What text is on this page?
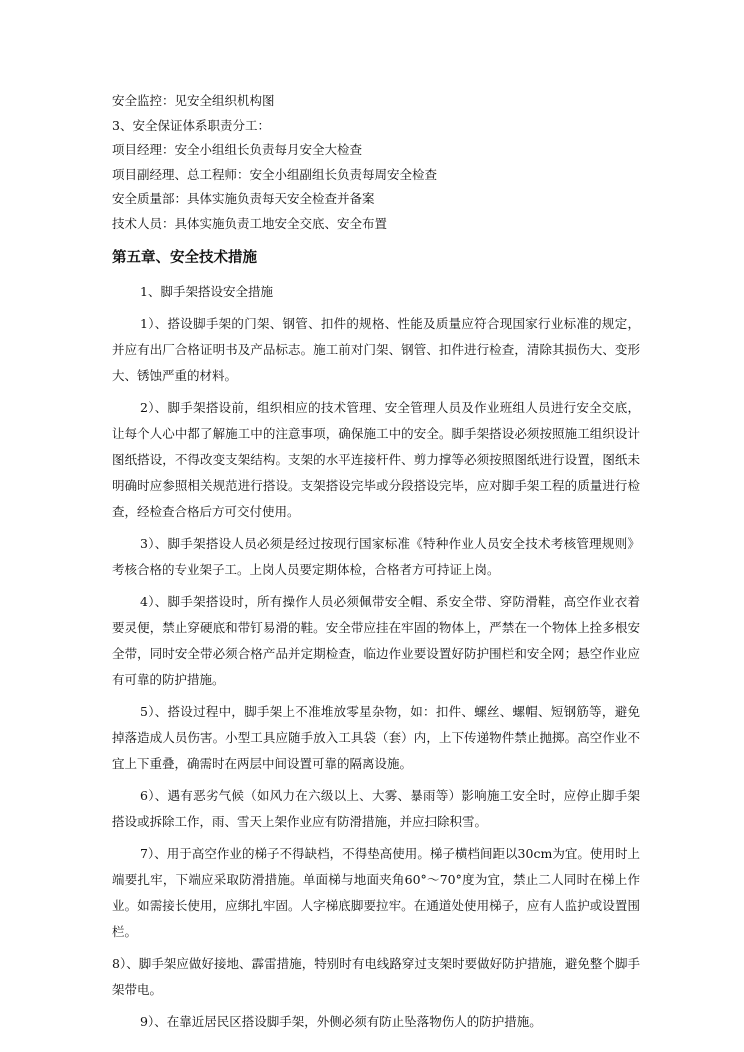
安全监控：见安全组织机构图

3、安全保证体系职责分工：

项目经理：安全小组组长负责每月安全大检查

项目副经理、总工程师：安全小组副组长负责每周安全检查

安全质量部：具体实施负责每天安全检查并备案

技术人员：具体实施负责工地安全交底、安全布置

第五章、安全技术措施

1、脚手架搭设安全措施

1）、搭设脚手架的门架、钢管、扣件的规格、性能及质量应符合现国家行业标准的规定，并应有出厂合格证明书及产品标志。施工前对门架、钢管、扣件进行检查，清除其损伤大、变形大、锈蚀严重的材料。

2）、脚手架搭设前，组织相应的技术管理、安全管理人员及作业班组人员进行安全交底，让每个人心中都了解施工中的注意事项，确保施工中的安全。脚手架搭设必须按照施工组织设计图纸搭设，不得改变支架结构。支架的水平连接杆件、剪力撑等必须按照图纸进行设置，图纸未明确时应参照相关规范进行搭设。支架搭设完毕或分段搭设完毕，应对脚手架工程的质量进行检查，经检查合格后方可交付使用。

3）、脚手架搭设人员必须是经过按现行国家标准《特种作业人员安全技术考核管理规则》考核合格的专业架子工。上岗人员要定期体检，合格者方可持证上岗。

4）、脚手架搭设时，所有操作人员必须佩带安全帽、系安全带、穿防滑鞋，高空作业衣着要灵便，禁止穿硬底和带钉易滑的鞋。安全带应挂在牢固的物体上，严禁在一个物体上拴多根安全带，同时安全带必须合格产品并定期检查，临边作业要设置好防护围栏和安全网；悬空作业应有可靠的防护措施。

5）、搭设过程中，脚手架上不准堆放零星杂物，如：扣件、螺丝、螺帽、短钢筋等，避免掉落造成人员伤害。小型工具应随手放入工具袋（套）内，上下传递物件禁止抛掷。高空作业不宜上下重叠，确需时在两层中间设置可靠的隔离设施。

6）、遇有恶劣气候（如风力在六级以上、大雾、暴雨等）影响施工安全时，应停止脚手架搭设或拆除工作，雨、雪天上架作业应有防滑措施，并应扫除积雪。

7）、用于高空作业的梯子不得缺档，不得垫高使用。梯子横档间距以30cm为宜。使用时上端要扎牢，下端应采取防滑措施。单面梯与地面夹角60°～70°度为宜，禁止二人同时在梯上作业。如需接长使用，应绑扎牢固。人字梯底脚要拉牢。在通道处使用梯子，应有人监护或设置围栏。

8）、脚手架应做好接地、霹雷措施，特别时有电线路穿过支架时要做好防护措施，避免整个脚手架带电。

9）、在靠近居民区搭设脚手架，外侧必须有防止坠落物伤人的防护措施。
